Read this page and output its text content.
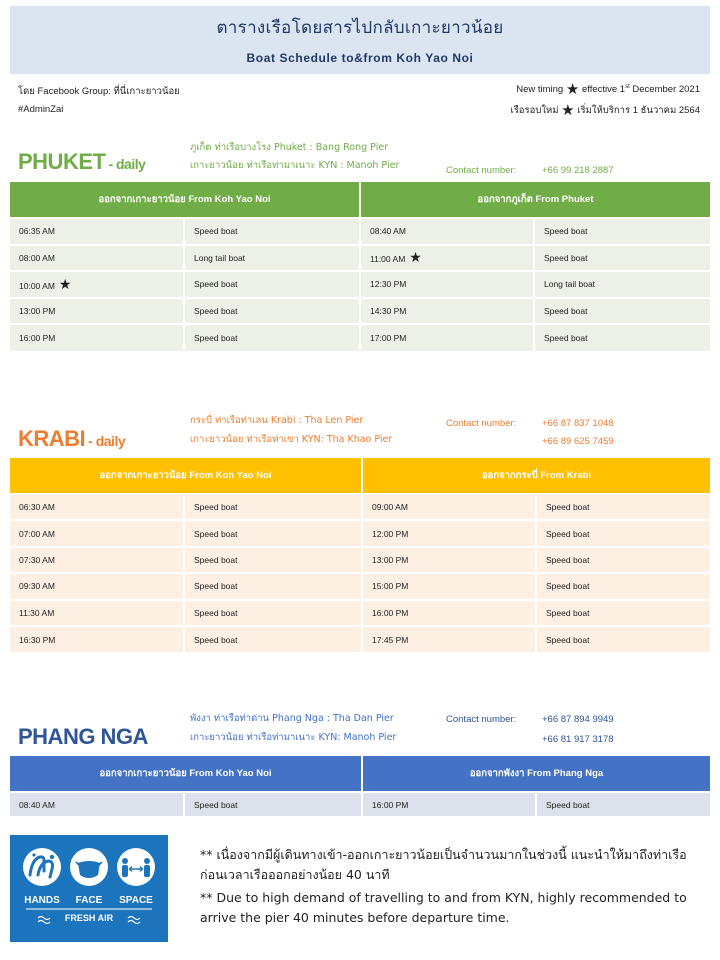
ตารางเรือโดยสารไปกลับเกาะยาวน้อย
Boat Schedule to&from Koh Yao Noi
โดย Facebook Group: ที่นี่เกาะยาวน้อย
#AdminZai
New timing ★ effective 1st December 2021
เรือรอบใหม่ ★ เริ่มให้บริการ 1 ธันวาคม 2564
PHUKET - daily
ภูเก็ต ท่าเรือบางโรง Phuket : Bang Rong Pier
เกาะยาวน้อย ท่าเรือท่ามาเนาะ KYN : Manoh Pier	Contact number:	+66 99 218 2887
ออกจากเกาะยาวน้อย From Koh Yao Noi		ออกจากภูเก็ต From Phuket	
06:35 AM	Speed boat	08:40 AM	Speed boat
08:00 AM	Long tail boat	11:00 AM ★	Speed boat
10:00 AM ★	Speed boat	12:30 PM	Long tail boat
13:00 PM	Speed boat	14:30 PM	Speed boat
16:00 PM	Speed boat	17:00 PM	Speed boat
KRABI - daily
กระบี่ ท่าเรือท่าเลน Krabi : Tha Len Pier
เกาะยาวน้อย ท่าเรือท่าเขา KYN: Tha Khao Pier
Contact number:	+66 87 837 1048
+66 89 625 7459
ออกจากเกาะยาวน้อย From Koh Yao Noi		ออกจากกระบี่ From Krabi	
06:30 AM	Speed boat	09:00 AM	Speed boat
07:00 AM	Speed boat	12:00 PM	Speed boat
07:30 AM	Speed boat	13:00 PM	Speed boat
09:30 AM	Speed boat	15:00 PM	Speed boat
11:30 AM	Speed boat	16:00 PM	Speed boat
16:30 PM	Speed boat	17:45 PM	Speed boat
PHANG NGA
พังงา ท่าเรือท่าด่าน Phang Nga : Tha Dan Pier
เกาะยาวน้อย ท่าเรือท่ามาเนาะ KYN: Manoh Pier
Contact number:	+66 87 894 9949
+66 81 917 3178
ออกจากเกาะยาวน้อย From Koh Yao Noi		ออกจากพังงา From Phang Nga	
08:40 AM	Speed boat	16:00 PM	Speed boat
HANDS FACE SPACE
FRESH AIR
** เนื่องจากมีผู้เดินทางเข้า-ออกเกาะยาวน้อยเป็นจำนวนมากในช่วงนี้ แนะนำให้มาถึงท่าเรือก่อนเวลาเรือออกอย่างน้อย 40 นาที
** Due to high demand of travelling to and from KYN, highly recommended to arrive the pier 40 minutes before departure time.
